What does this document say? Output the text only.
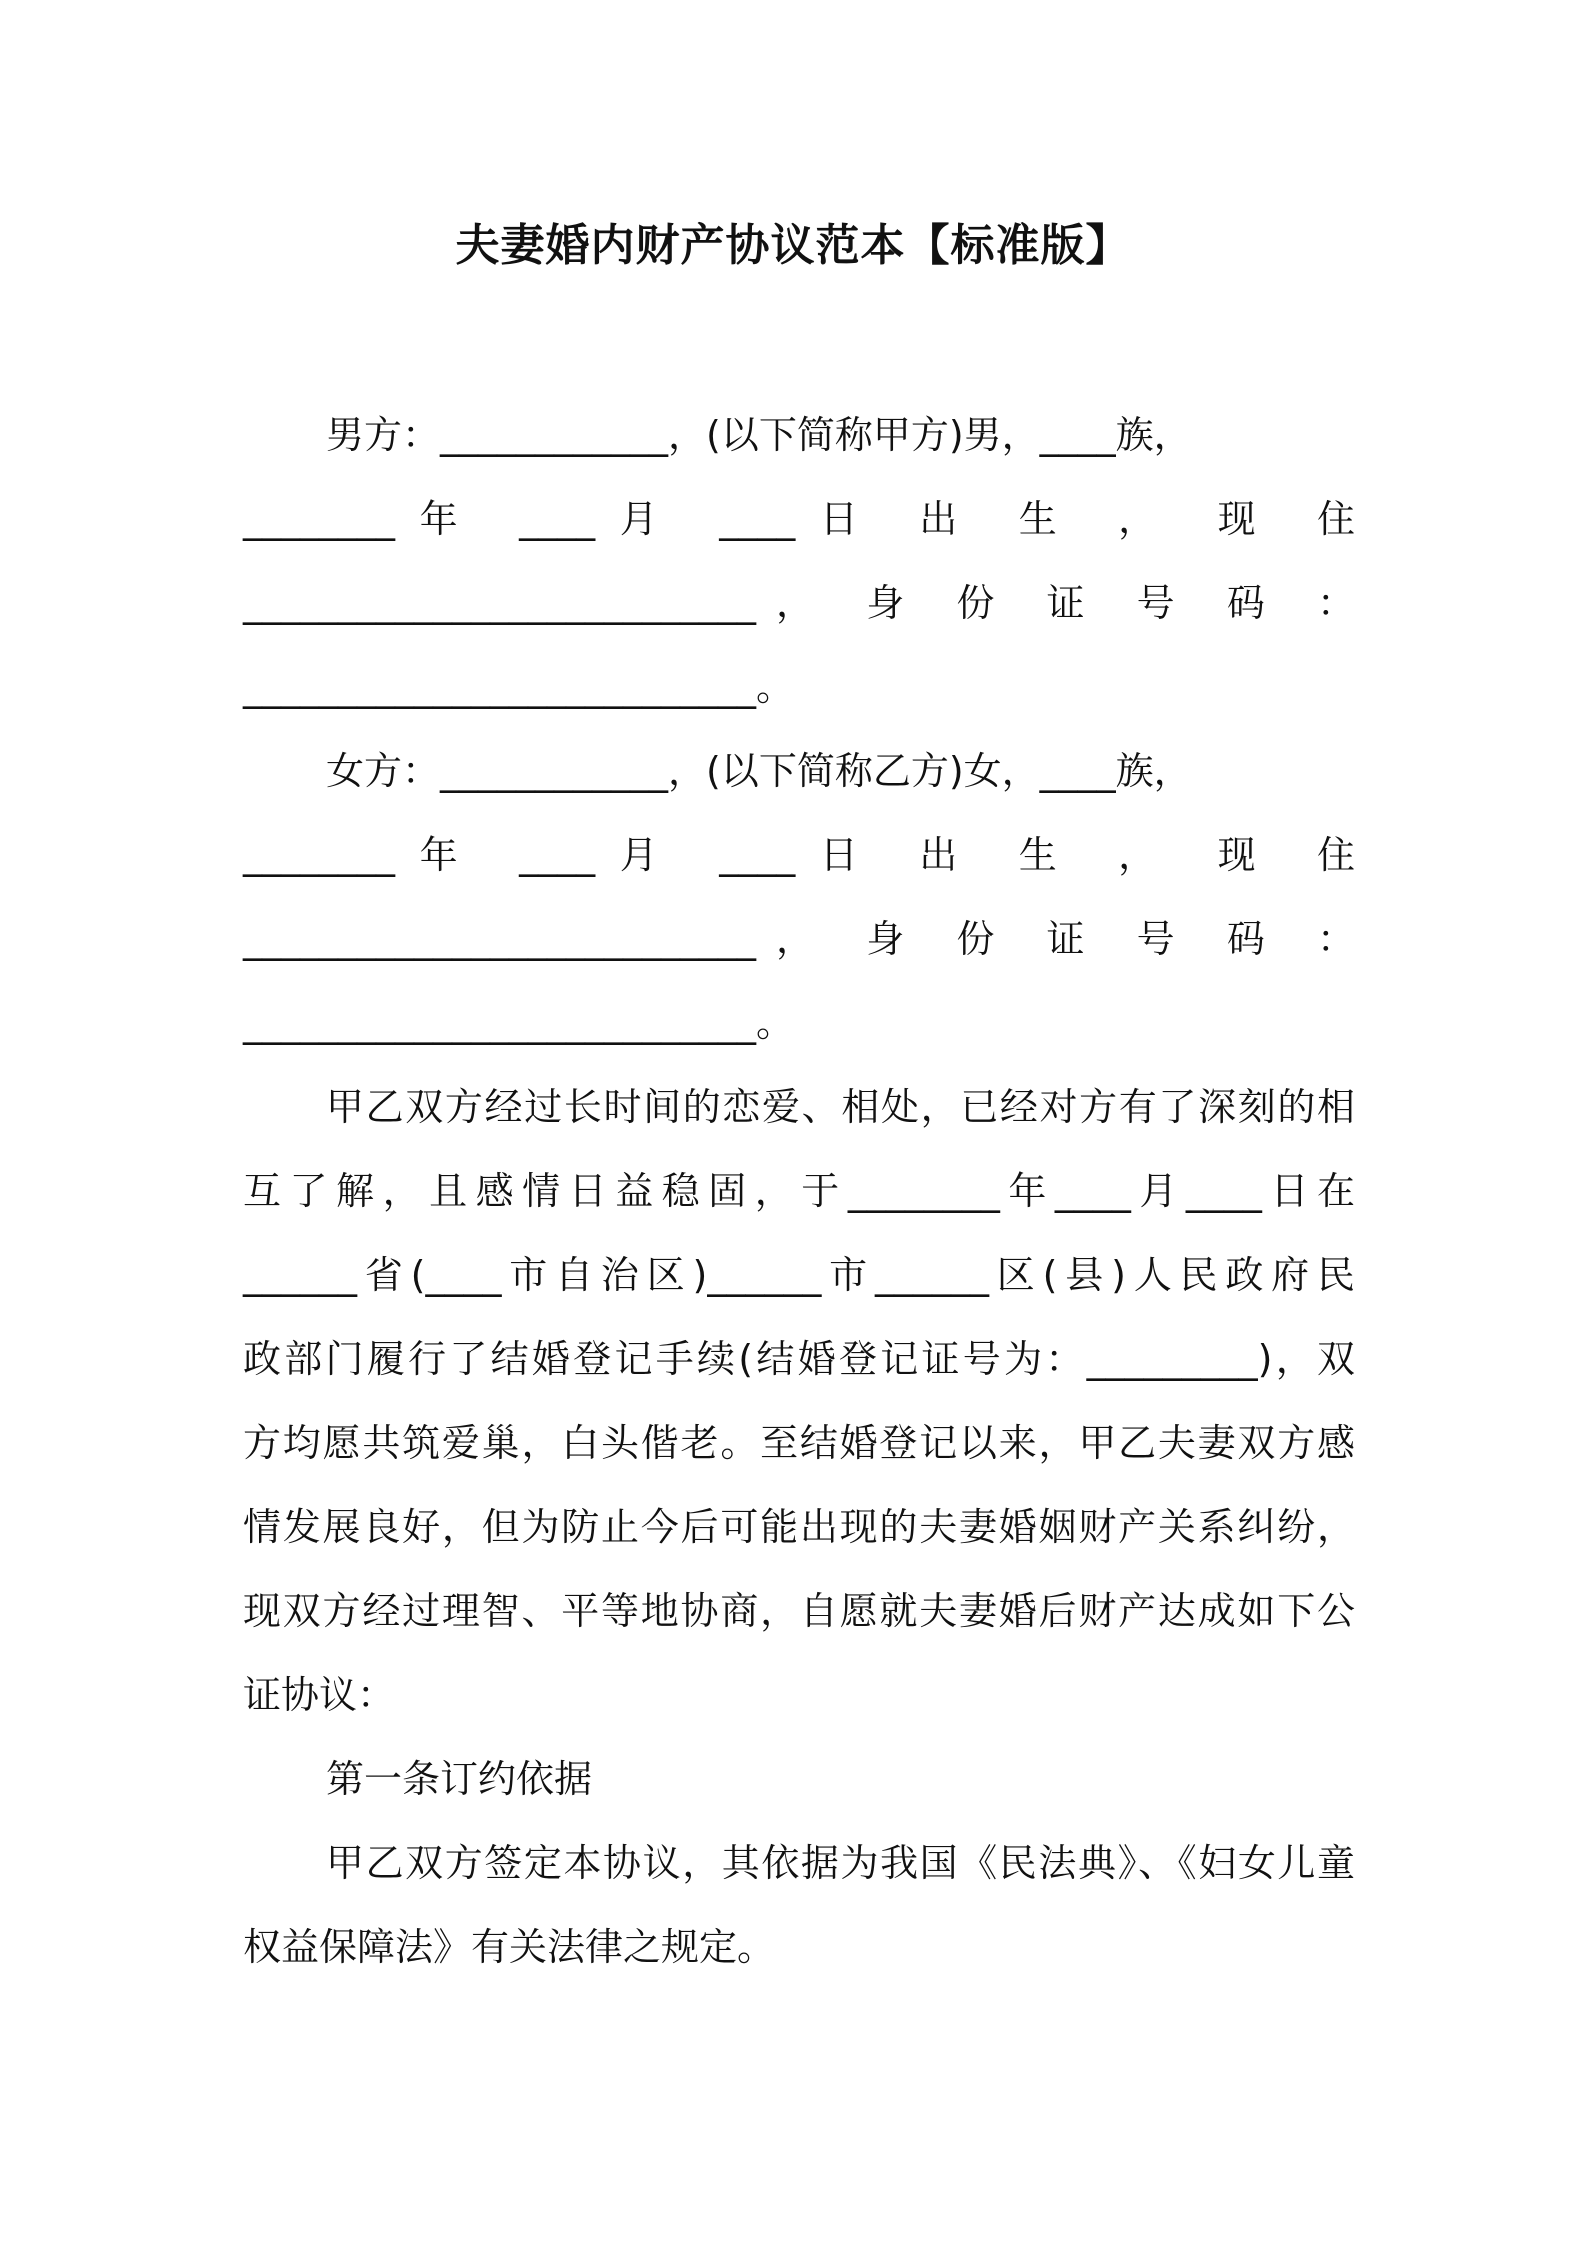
夫妻婚内财产协议范本【标准版】
男方：____________，(以下简称甲方)男，____族，
________年 ____月 ____日 出 生 ， 现 住
___________________________， 身 份 证 号 码 ：
___________________________。
女方：____________，(以下简称乙方)女，____族，
________年 ____月 ____日 出 生 ， 现 住
___________________________， 身 份 证 号 码 ：
___________________________。
甲乙双方经过长时间的恋爱、相处，已经对方有了深刻的相
互了解，且感情日益稳固，于________年____月____日在
______省(____市自治区)______市______区(县)人民政府民
政部门履行了结婚登记手续(结婚登记证号为：_________)，双
方均愿共筑爱巢，白头偕老。至结婚登记以来，甲乙夫妻双方感
情发展良好，但为防止今后可能出现的夫妻婚姻财产关系纠纷，
现双方经过理智、平等地协商，自愿就夫妻婚后财产达成如下公
证协议：
第一条订约依据
甲乙双方签定本协议，其依据为我国《民法典》、《妇女儿童
权益保障法》有关法律之规定。
